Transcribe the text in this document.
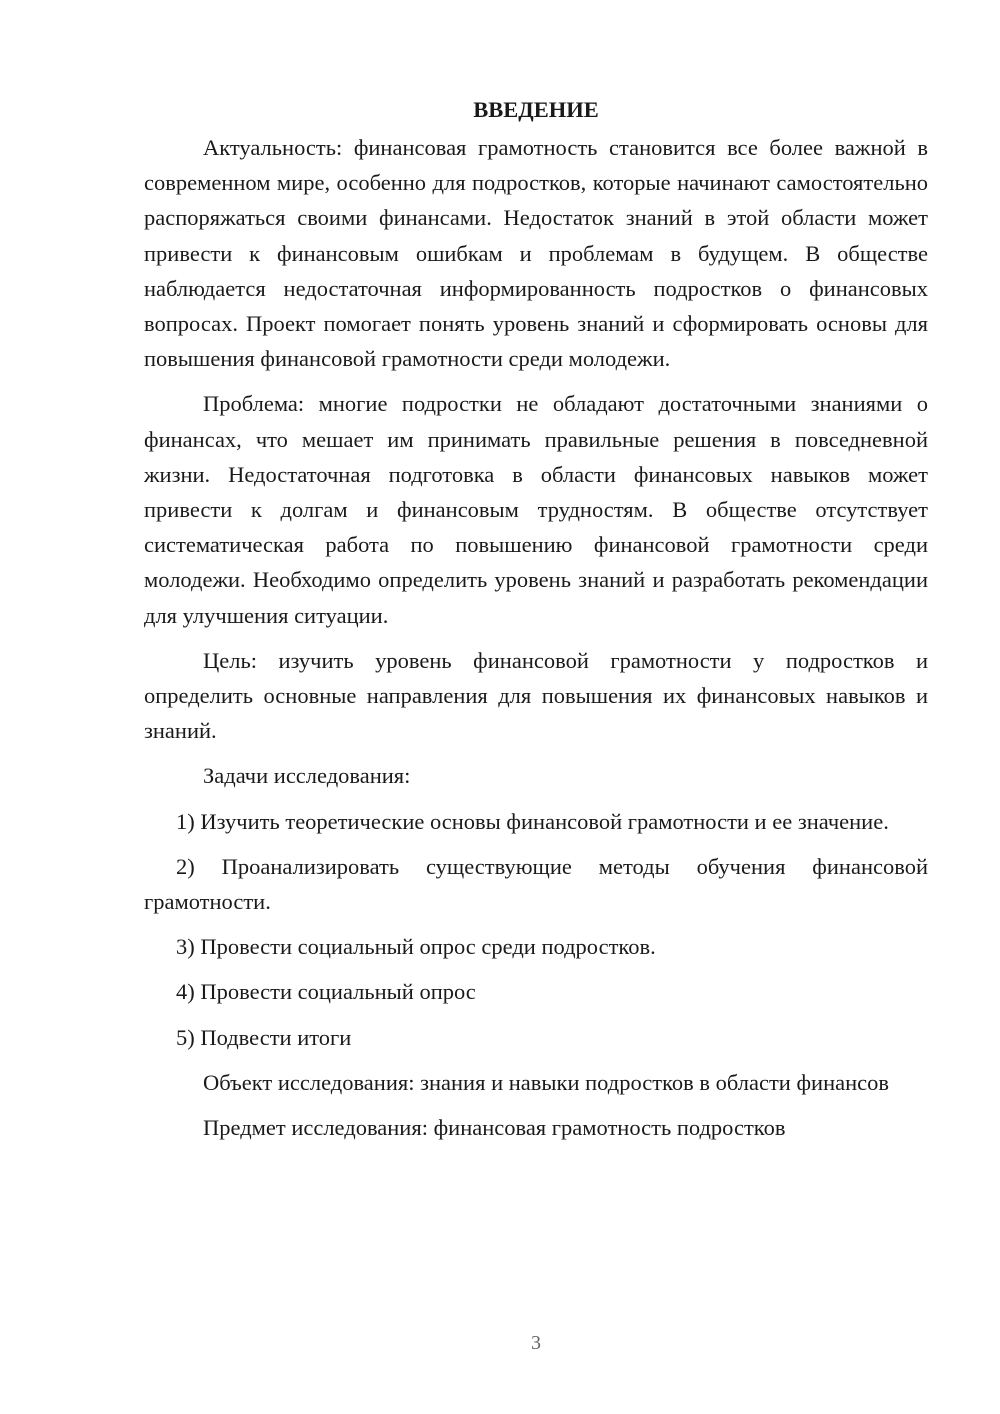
ВВЕДЕНИЕ

Актуальность: финансовая грамотность становится все более важной в современном мире, особенно для подростков, которые начинают самостоятельно распоряжаться своими финансами. Недостаток знаний в этой области может привести к финансовым ошибкам и проблемам в будущем. В обществе наблюдается недостаточная информированность подростков о финансовых вопросах. Проект помогает понять уровень знаний и сформировать основы для повышения финансовой грамотности среди молодежи.

Проблема: многие подростки не обладают достаточными знаниями о финансах, что мешает им принимать правильные решения в повседневной жизни. Недостаточная подготовка в области финансовых навыков может привести к долгам и финансовым трудностям. В обществе отсутствует систематическая работа по повышению финансовой грамотности среди молодежи. Необходимо определить уровень знаний и разработать рекомендации для улучшения ситуации.

Цель: изучить уровень финансовой грамотности у подростков и определить основные направления для повышения их финансовых навыков и знаний.

Задачи исследования:

1) Изучить теоретические основы финансовой грамотности и ее значение.

2) Проанализировать существующие методы обучения финансовой грамотности.

3) Провести социальный опрос среди подростков.

4) Провести социальный опрос

5) Подвести итоги

Объект исследования: знания и навыки подростков в области финансов

Предмет исследования: финансовая грамотность подростков

3
